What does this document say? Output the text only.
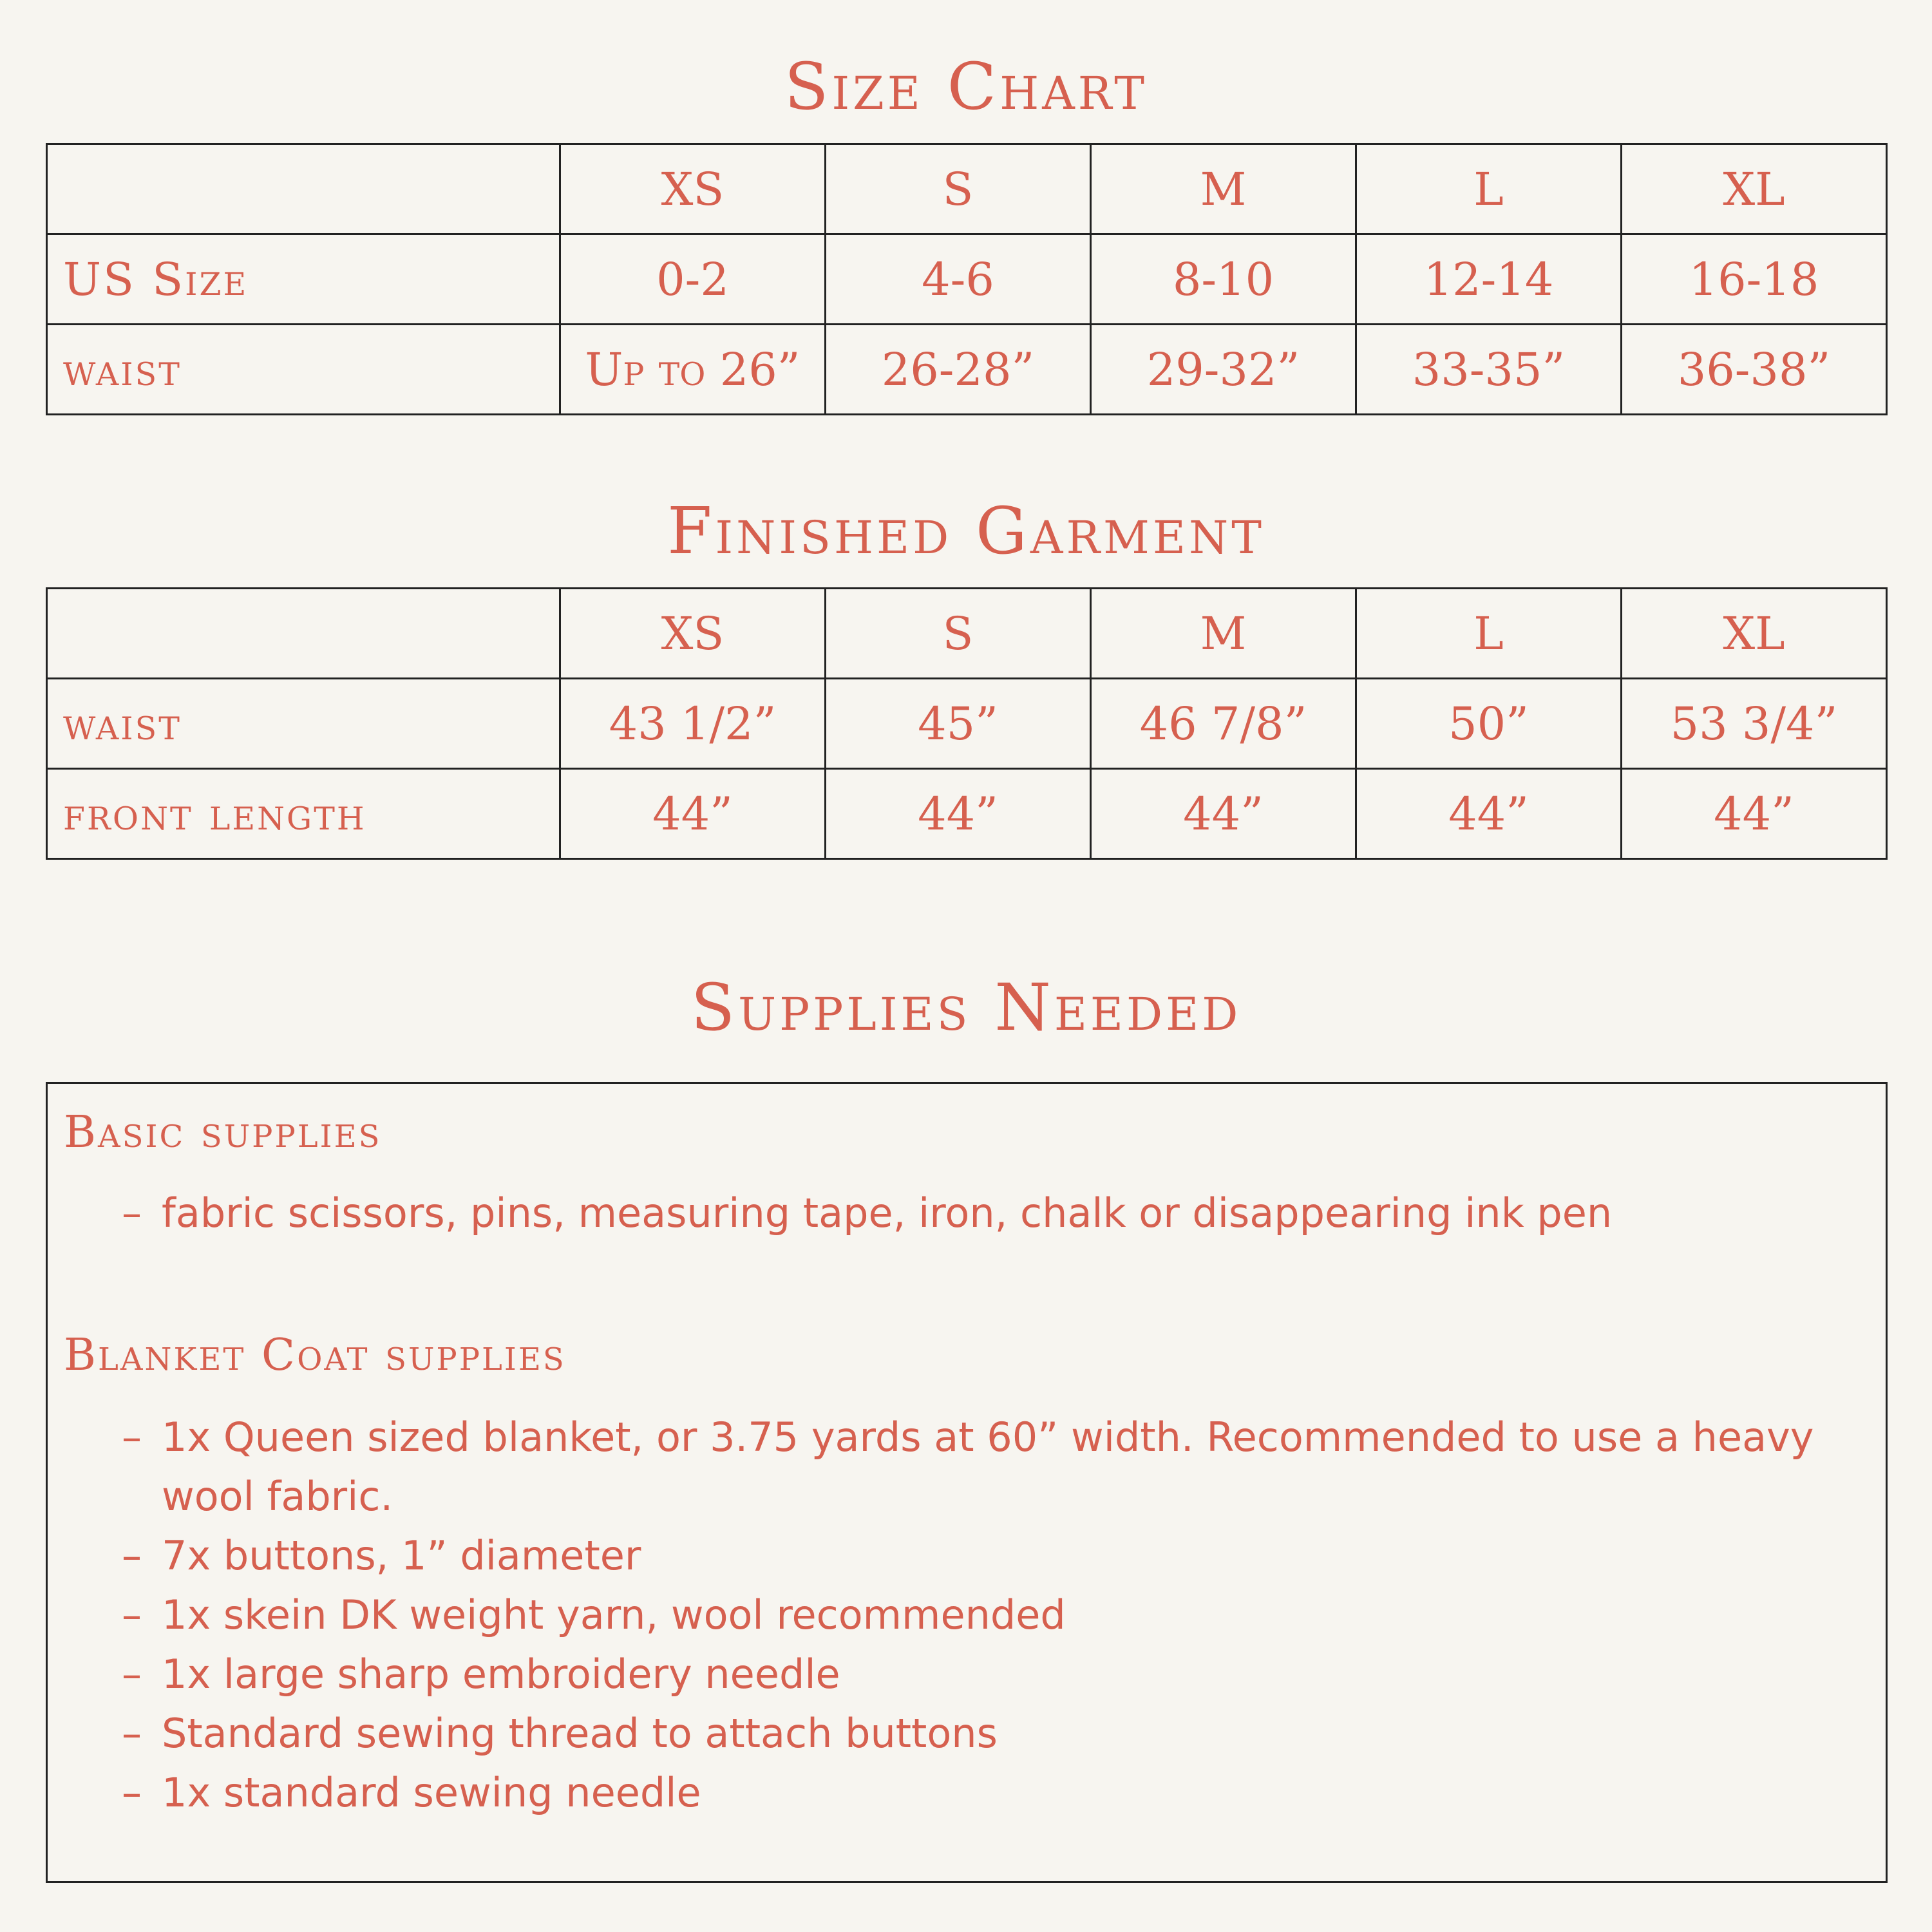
Size Chart
	XS	S	M	L	XL
US Size	0-2	4-6	8-10	12-14	16-18
waist	Up to 26”	26-28”	29-32”	33-35”	36-38”
Finished Garment
	XS	S	M	L	XL
waist	43 1/2”	45”	46 7/8”	50”	53 3/4”
front length	44”	44”	44”	44”	44”
Supplies Needed
Basic supplies
– fabric scissors, pins, measuring tape, iron, chalk or disappearing ink pen
Blanket Coat supplies
– 1x Queen sized blanket, or 3.75 yards at 60” width. Recommended to use a heavy wool fabric.
– 7x buttons, 1” diameter
– 1x skein DK weight yarn, wool recommended
– 1x large sharp embroidery needle
– Standard sewing thread to attach buttons
– 1x standard sewing needle
